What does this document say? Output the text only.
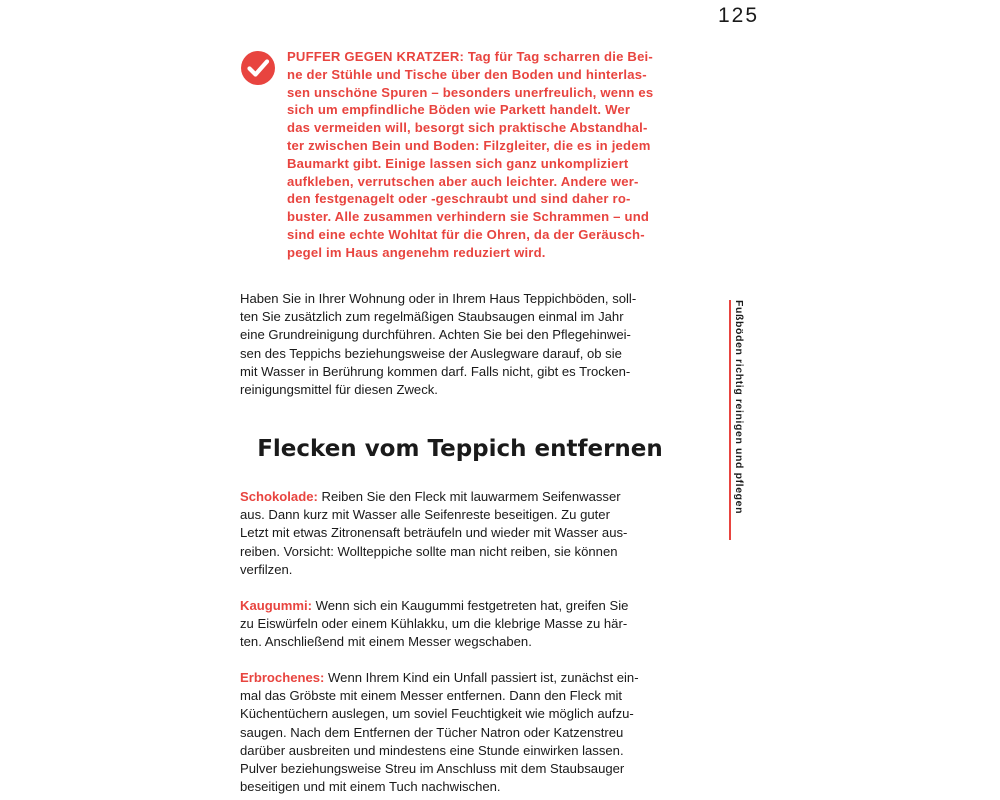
125

PUFFER GEGEN KRATZER: Tag für Tag scharren die Bei-
ne der Stühle und Tische über den Boden und hinterlas-
sen unschöne Spuren – besonders unerfreulich, wenn es
sich um empfindliche Böden wie Parkett handelt. Wer
das vermeiden will, besorgt sich praktische Abstandhal-
ter zwischen Bein und Boden: Filzgleiter, die es in jedem
Baumarkt gibt. Einige lassen sich ganz unkompliziert
aufkleben, verrutschen aber auch leichter. Andere wer-
den festgenagelt oder -geschraubt und sind daher ro-
buster. Alle zusammen verhindern sie Schrammen – und
sind eine echte Wohltat für die Ohren, da der Geräusch-
pegel im Haus angenehm reduziert wird.

Haben Sie in Ihrer Wohnung oder in Ihrem Haus Teppichböden, soll-
ten Sie zusätzlich zum regelmäßigen Staubsaugen einmal im Jahr
eine Grundreinigung durchführen. Achten Sie bei den Pflegehinwei-
sen des Teppichs beziehungsweise der Auslegware darauf, ob sie
mit Wasser in Berührung kommen darf. Falls nicht, gibt es Trocken-
reinigungsmittel für diesen Zweck.
Flecken vom Teppich entfernen
Schokolade: Reiben Sie den Fleck mit lauwarmem Seifenwasser
aus. Dann kurz mit Wasser alle Seifenreste beseitigen. Zu guter
Letzt mit etwas Zitronensaft beträufeln und wieder mit Wasser aus-
reiben. Vorsicht: Wollteppiche sollte man nicht reiben, sie können
verfilzen.
Kaugummi: Wenn sich ein Kaugummi festgetreten hat, greifen Sie
zu Eiswürfeln oder einem Kühlakku, um die klebrige Masse zu här-
ten. Anschließend mit einem Messer wegschaben.
Erbrochenes: Wenn Ihrem Kind ein Unfall passiert ist, zunächst ein-
mal das Gröbste mit einem Messer entfernen. Dann den Fleck mit
Küchentüchern auslegen, um soviel Feuchtigkeit wie möglich aufzu-
saugen. Nach dem Entfernen der Tücher Natron oder Katzenstreu
darüber ausbreiten und mindestens eine Stunde einwirken lassen.
Pulver beziehungsweise Streu im Anschluss mit dem Staubsauger
beseitigen und mit einem Tuch nachwischen.
Fußböden richtig reinigen und pflegen
